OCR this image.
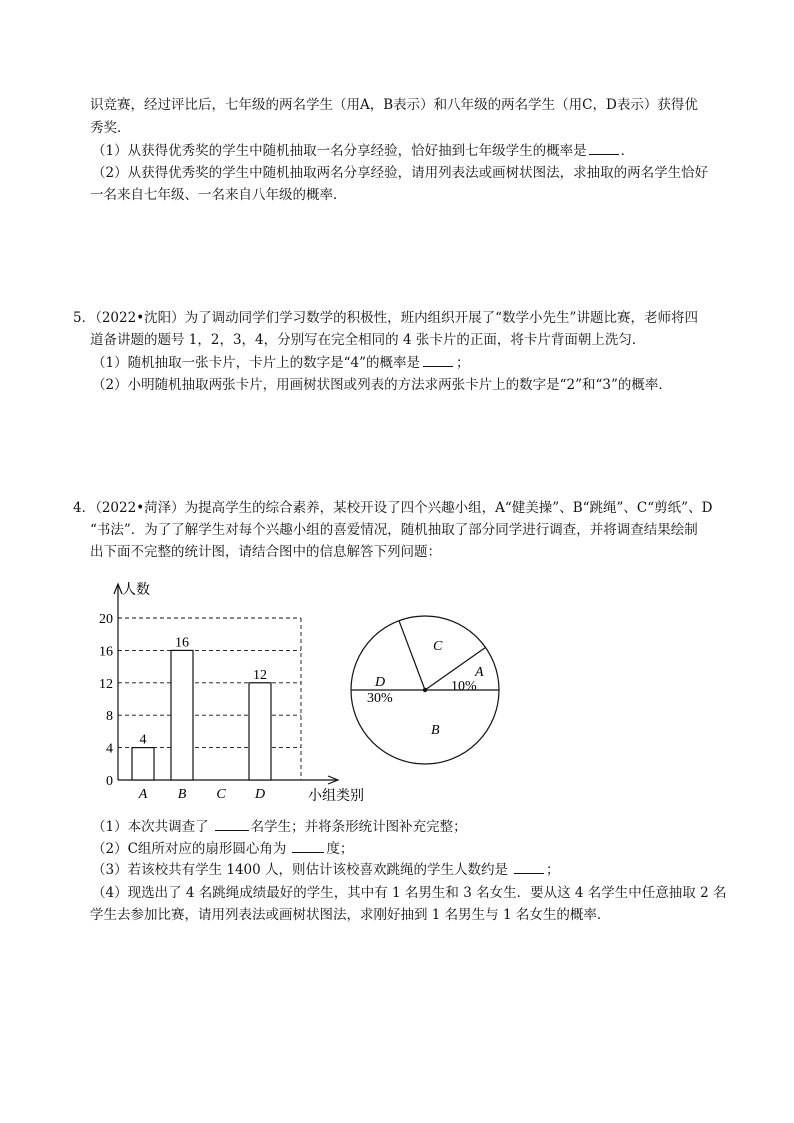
识竞赛，经过评比后，七年级的两名学生（用A，B表示）和八年级的两名学生（用C，D表示）获得优
秀奖．
（1）从获得优秀奖的学生中随机抽取一名分享经验，恰好抽到七年级学生的概率是	．
（2）从获得优秀奖的学生中随机抽取两名分享经验，请用列表法或画树状图法，求抽取的两名学生恰好
一名来自七年级、一名来自八年级的概率．
5．（2022•沈阳）为了调动同学们学习数学的积极性，班内组织开展了“数学小先生”讲题比赛，老师将四
道备讲题的题号 1，2，3，4，分别写在完全相同的 4 张卡片的正面，将卡片背面朝上洗匀．
（1）随机抽取一张卡片，卡片上的数字是“4”的概率是	；
（2）小明随机抽取两张卡片，用画树状图或列表的方法求两张卡片上的数字是“2”和“3”的概率．
4．（2022•菏泽）为提高学生的综合素养，某校开设了四个兴趣小组，A“健美操”、B“跳绳”、C“剪纸”、D
“书法”．为了了解学生对每个兴趣小组的喜爱情况，随机抽取了部分同学进行调查，并将调查结果绘制
出下面不完整的统计图，请结合图中的信息解答下列问题：
0
4
8
12
16
20
4
A
16
B C
12
D
人数
小组类别
C
A
10%
D
30%
B
（1）本次共调查了	名学生；并将条形统计图补充完整；
（2）C组所对应的扇形圆心角为	度；
（3）若该校共有学生 1400 人，则估计该校喜欢跳绳的学生人数约是	；
（4）现选出了 4 名跳绳成绩最好的学生，其中有 1 名男生和 3 名女生．要从这 4 名学生中任意抽取 2 名
学生去参加比赛，请用列表法或画树状图法，求刚好抽到 1 名男生与 1 名女生的概率．
